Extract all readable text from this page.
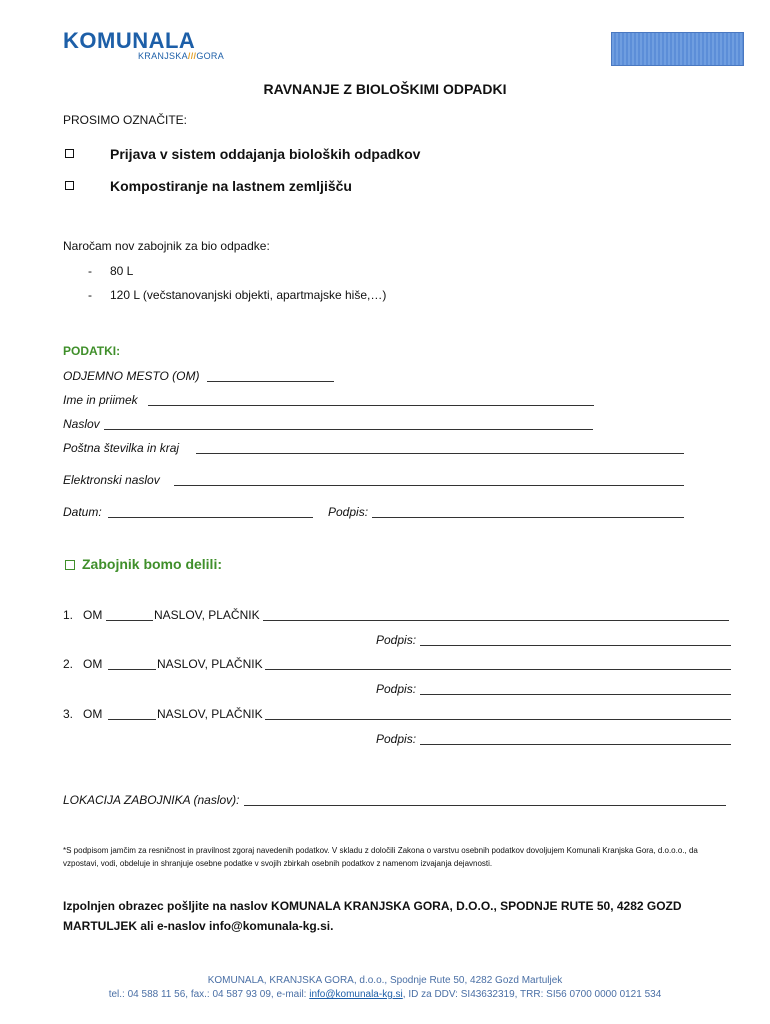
KOMUNALA
KRANJSKA///GORA
RAVNANJE Z BIOLOŠKIMI ODPADKI
PROSIMO OZNAČITE:
Prijava v sistem oddajanja bioloških odpadkov
Kompostiranje na lastnem zemljišču
Naročam nov zabojnik za bio odpadke:
- 80 L
- 120 L (večstanovanjski objekti, apartmajske hiše,…)
PODATKI:
ODJEMNO MESTO (OM)
Ime in priimek
Naslov
Poštna številka in kraj
Elektronski naslov
Datum:	Podpis:
Zabojnik bomo delili:
1. OM	NASLOV, PLAČNIK
Podpis:
2. OM	NASLOV, PLAČNIK
Podpis:
3. OM	NASLOV, PLAČNIK
Podpis:
LOKACIJA ZABOJNIKA (naslov):
*S podpisom jamčim za resničnost in pravilnost zgoraj navedenih podatkov. V skladu z določili Zakona o varstvu osebnih podatkov dovoljujem Komunali Kranjska Gora, d.o.o.o., da vzpostavi, vodi, obdeluje in shranjuje osebne podatke v svojih zbirkah osebnih podatkov z namenom izvajanja dejavnosti.
Izpolnjen obrazec pošljite na naslov KOMUNALA KRANJSKA GORA, D.O.O., SPODNJE RUTE 50, 4282 GOZD
MARTULJEK ali e-naslov info@komunala-kg.si.
KOMUNALA, KRANJSKA GORA, d.o.o., Spodnje Rute 50, 4282 Gozd Martuljek
tel.: 04 588 11 56, fax.: 04 587 93 09, e-mail: info@komunala-kg.si, ID za DDV: SI43632319, TRR: SI56 0700 0000 0121 534
